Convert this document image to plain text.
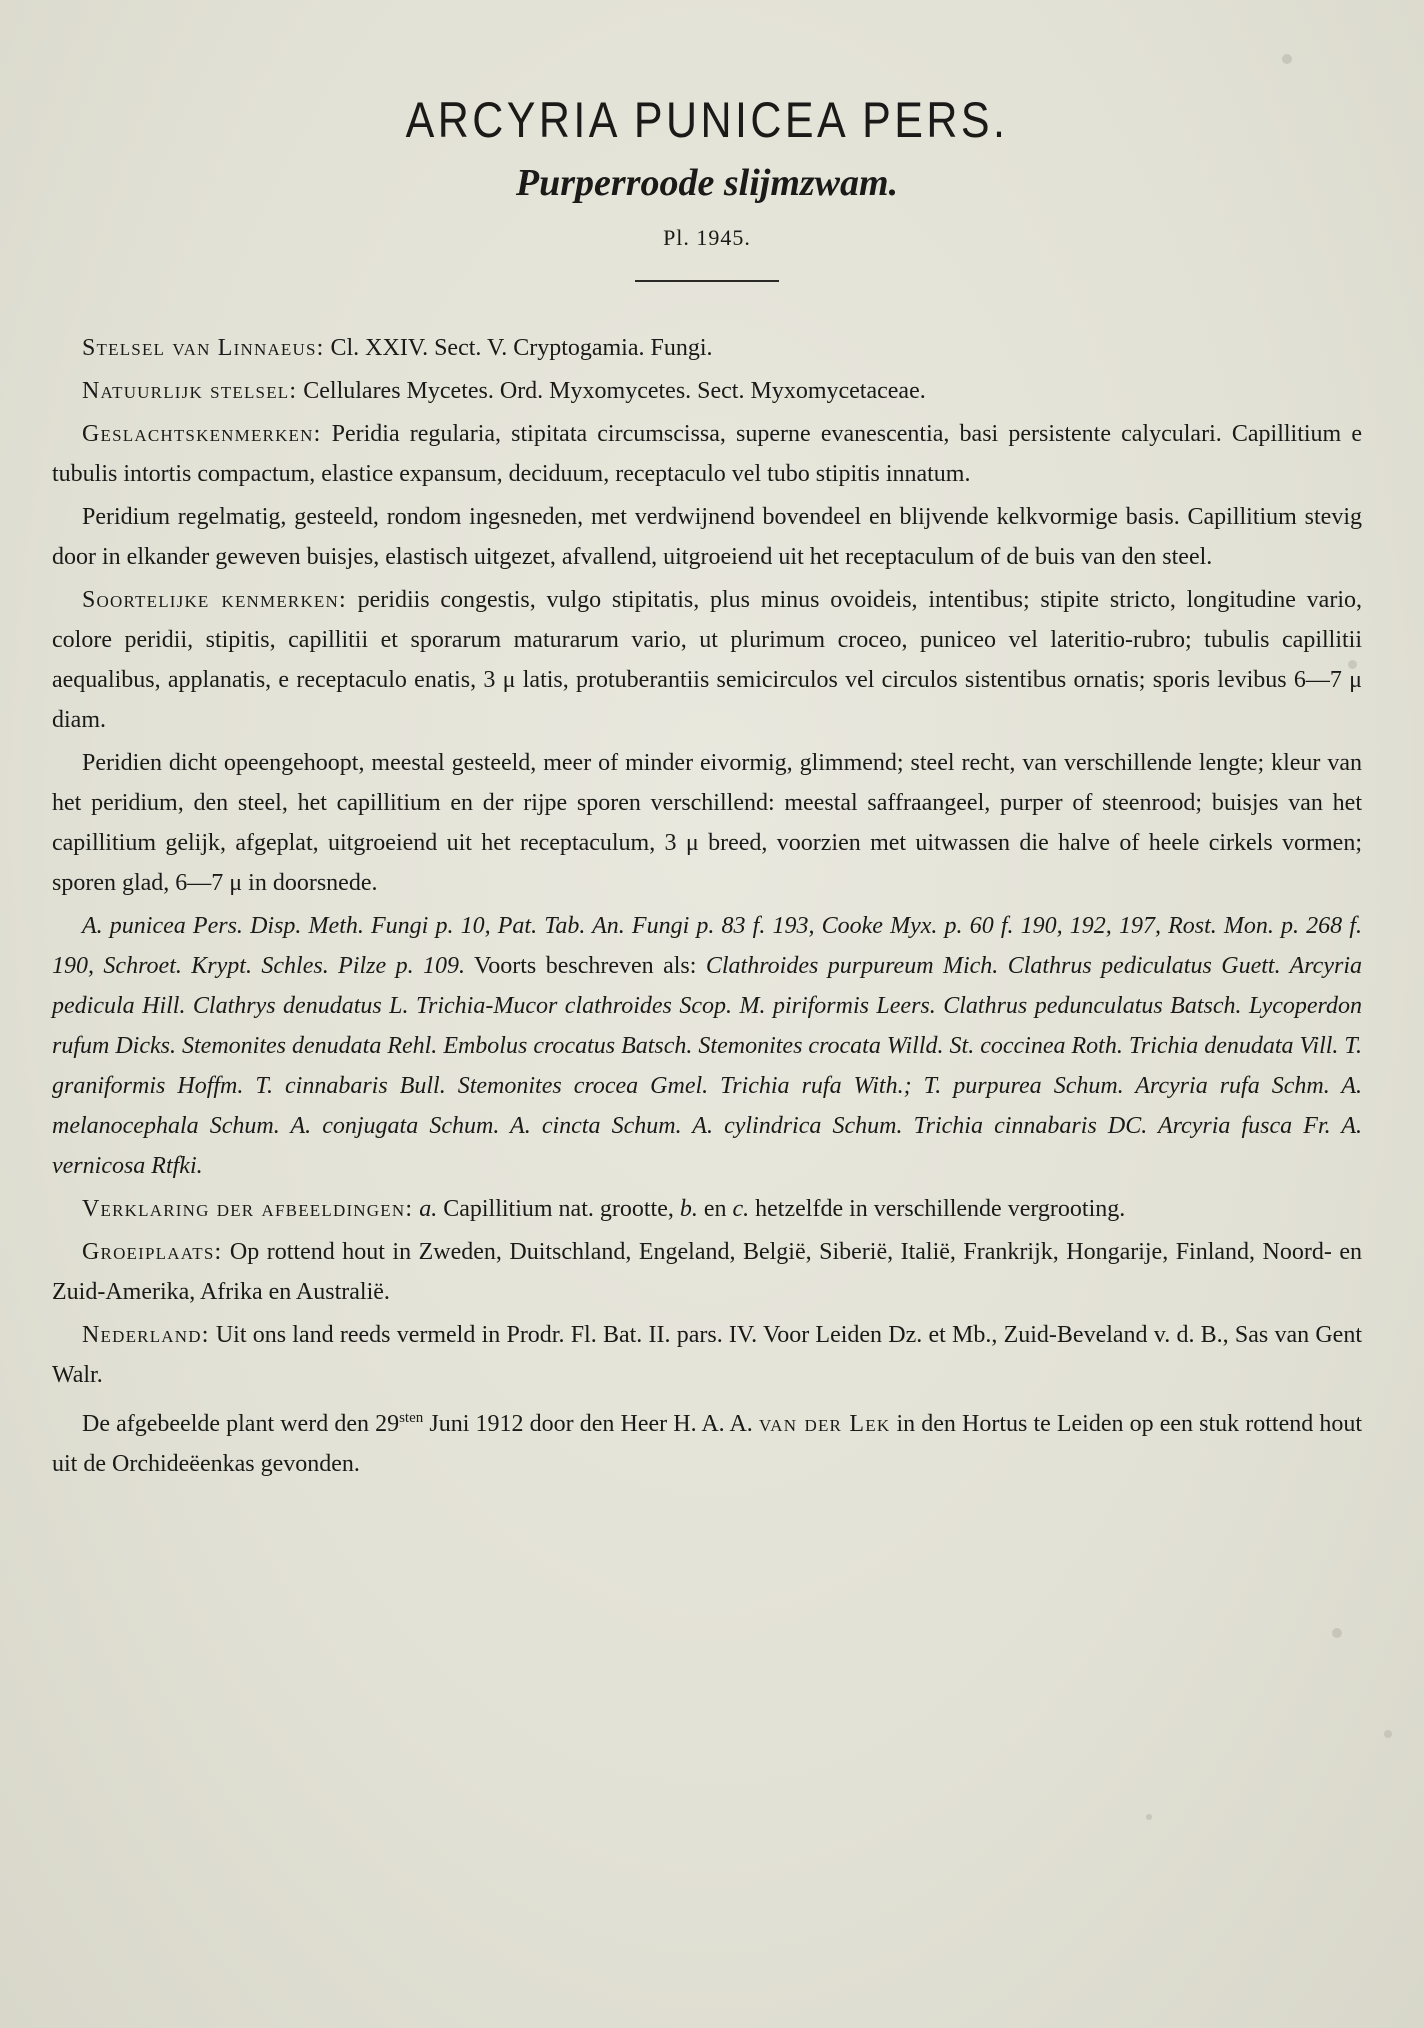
ARCYRIA PUNICEA PERS.
Purperroode slijmzwam.
Pl. 1945.

Stelsel van Linnaeus: Cl. XXIV. Sect. V. Cryptogamia. Fungi.

Natuurlijk stelsel: Cellulares Mycetes. Ord. Myxomycetes. Sect. Myxomycetaceae.

Geslachtskenmerken: Peridia regularia, stipitata circumscissa, superne evanescentia, basi persistente calyculari. Capillitium e tubulis intortis compactum, elastice expansum, deciduum, receptaculo vel tubo stipitis innatum.

Peridium regelmatig, gesteeld, rondom ingesneden, met verdwijnend bovendeel en blijvende kelkvormige basis. Capillitium stevig door in elkander geweven buisjes, elastisch uitgezet, afvallend, uitgroeiend uit het receptaculum of de buis van den steel.

Soortelijke kenmerken: peridiis congestis, vulgo stipitatis, plus minus ovoideis, intentibus; stipite stricto, longitudine vario, colore peridii, stipitis, capillitii et sporarum maturarum vario, ut plurimum croceo, puniceo vel lateritio-rubro; tubulis capillitii aequalibus, applanatis, e receptaculo enatis, 3 μ latis, protuberantiis semicirculos vel circulos sistentibus ornatis; sporis levibus 6—7 μ diam.

Peridien dicht opeengehoopt, meestal gesteeld, meer of minder eivormig, glimmend; steel recht, van verschillende lengte; kleur van het peridium, den steel, het capillitium en der rijpe sporen verschillend: meestal saffraangeel, purper of steenrood; buisjes van het capillitium gelijk, afgeplat, uitgroeiend uit het receptaculum, 3 μ breed, voorzien met uitwassen die halve of heele cirkels vormen; sporen glad, 6—7 μ in doorsnede.

A. punicea Pers. Disp. Meth. Fungi p. 10, Pat. Tab. An. Fungi p. 83 f. 193, Cooke Myx. p. 60 f. 190, 192, 197, Rost. Mon. p. 268 f. 190, Schroet. Krypt. Schles. Pilze p. 109. Voorts beschreven als: Clathroides purpureum Mich. Clathrus pediculatus Guett. Arcyria pedicula Hill. Clathrys denudatus L. Trichia-Mucor clathroides Scop. M. piriformis Leers. Clathrus pedunculatus Batsch. Lycoperdon rufum Dicks. Stemonites denudata Rehl. Embolus crocatus Batsch. Stemonites crocata Willd. St. coccinea Roth. Trichia denudata Vill. T. graniformis Hoffm. T. cinnabaris Bull. Stemonites crocea Gmel. Trichia rufa With.; T. purpurea Schum. Arcyria rufa Schm. A. melanocephala Schum. A. conjugata Schum. A. cincta Schum. A. cylindrica Schum. Trichia cinnabaris DC. Arcyria fusca Fr. A. vernicosa Rtfki.

Verklaring der afbeeldingen: a. Capillitium nat. grootte, b. en c. hetzelfde in verschillende vergrooting.

Groeiplaats: Op rottend hout in Zweden, Duitschland, Engeland, België, Siberië, Italië, Frankrijk, Hongarije, Finland, Noord- en Zuid-Amerika, Afrika en Australië.

Nederland: Uit ons land reeds vermeld in Prodr. Fl. Bat. II. pars. IV. Voor Leiden Dz. et Mb., Zuid-Beveland v. d. B., Sas van Gent Walr.

De afgebeelde plant werd den $29^{sten}$ Juni 1912 door den Heer H. A. A. van der Lek in den Hortus te Leiden op een stuk rottend hout uit de Orchideëenkas gevonden.
